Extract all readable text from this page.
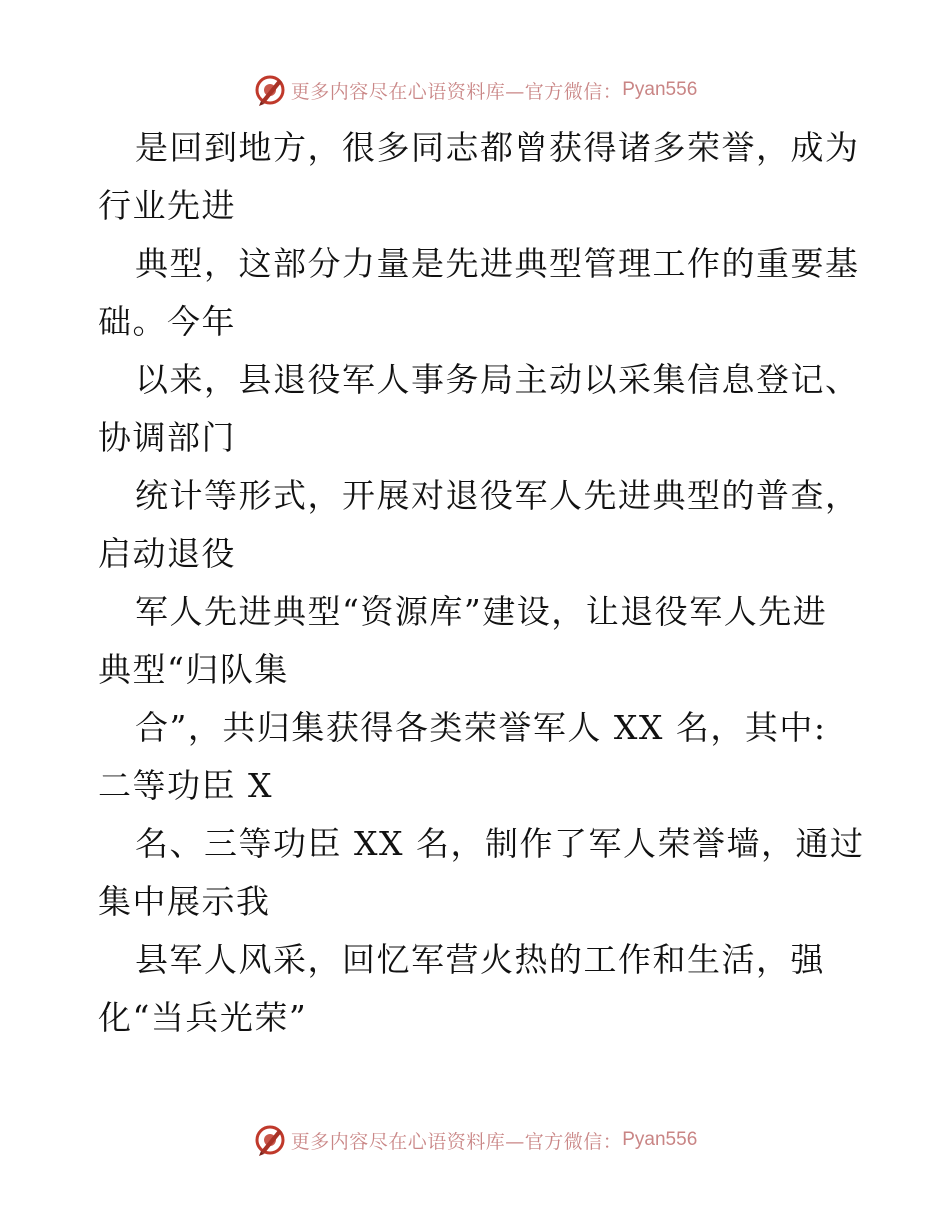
更多内容尽在心语资料库—官方微信： Pyan556
是回到地方，很多同志都曾获得诸多荣誉，成为
行业先进
典型，这部分力量是先进典型管理工作的重要基
础。今年
以来，县退役军人事务局主动以采集信息登记、
协调部门
统计等形式，开展对退役军人先进典型的普查，
启动退役
军人先进典型“资源库”建设，让退役军人先进
典型“归队集
合”，共归集获得各类荣誉军人 XX 名，其中:
二等功臣 X
名、三等功臣 XX 名，制作了军人荣誉墙，通过
集中展示我
县军人风采，回忆军营火热的工作和生活，强
化“当兵光荣”
更多内容尽在心语资料库—官方微信： Pyan556
